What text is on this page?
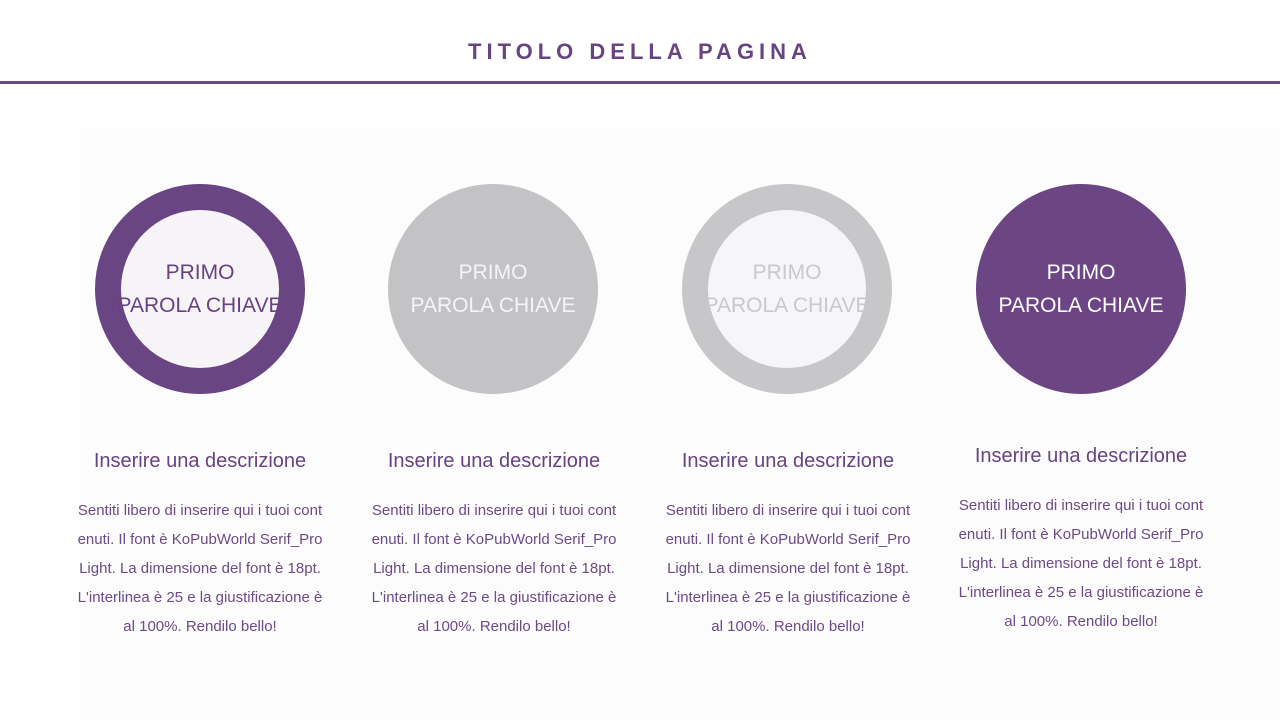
TITOLO DELLA PAGINA
PRIMO
PAROLA CHIAVE
Inserire una descrizione
Sentiti libero di inserire qui i tuoi cont
enuti. Il font è KoPubWorld Serif_Pro
Light. La dimensione del font è 18pt.
L'interlinea è 25 e la giustificazione è
al 100%. Rendilo bello!
PRIMO
PAROLA CHIAVE
Inserire una descrizione
Sentiti libero di inserire qui i tuoi cont
enuti. Il font è KoPubWorld Serif_Pro
Light. La dimensione del font è 18pt.
L'interlinea è 25 e la giustificazione è
al 100%. Rendilo bello!
PRIMO
PAROLA CHIAVE
Inserire una descrizione
Sentiti libero di inserire qui i tuoi cont
enuti. Il font è KoPubWorld Serif_Pro
Light. La dimensione del font è 18pt.
L'interlinea è 25 e la giustificazione è
al 100%. Rendilo bello!
PRIMO
PAROLA CHIAVE
Inserire una descrizione
Sentiti libero di inserire qui i tuoi cont
enuti. Il font è KoPubWorld Serif_Pro
Light. La dimensione del font è 18pt.
L'interlinea è 25 e la giustificazione è
al 100%. Rendilo bello!
